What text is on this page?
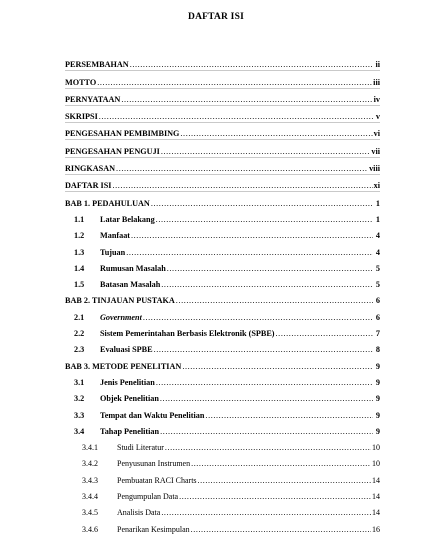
DAFTAR ISI
PERSEMBAHAN .....	ii
MOTTO .....	iii
PERNYATAAN .....	iv
SKRIPSI .....	v
PENGESAHAN PEMBIMBING .....	vi
PENGESAHAN PENGUJI .....	vii
RINGKASAN .....	viii
DAFTAR ISI .....	xi
BAB 1. PEDAHULUAN .....	1
1.1	Latar Belakang .....	1
1.2	Manfaat .....	4
1.3	Tujuan .....	4
1.4	Rumusan Masalah .....	5
1.5	Batasan Masalah .....	5
BAB 2. TINJAUAN PUSTAKA .....	6
2.1	Government .....	6
2.2	Sistem Pemerintahan Berbasis Elektronik (SPBE) .....	7
2.3	Evaluasi SPBE .....	8
BAB 3. METODE PENELITIAN .....	9
3.1	Jenis Penelitian .....	9
3.2	Objek Penelitian .....	9
3.3	Tempat dan Waktu Penelitian .....	9
3.4	Tahap Penelitian .....	9
3.4.1	Studi Literatur .....	10
3.4.2	Penyusunan Instrumen .....	10
3.4.3	Pembuatan RACI Charts .....	14
3.4.4	Pengumpulan Data .....	14
3.4.5	Analisis Data .....	14
3.4.6	Penarikan Kesimpulan .....	16
